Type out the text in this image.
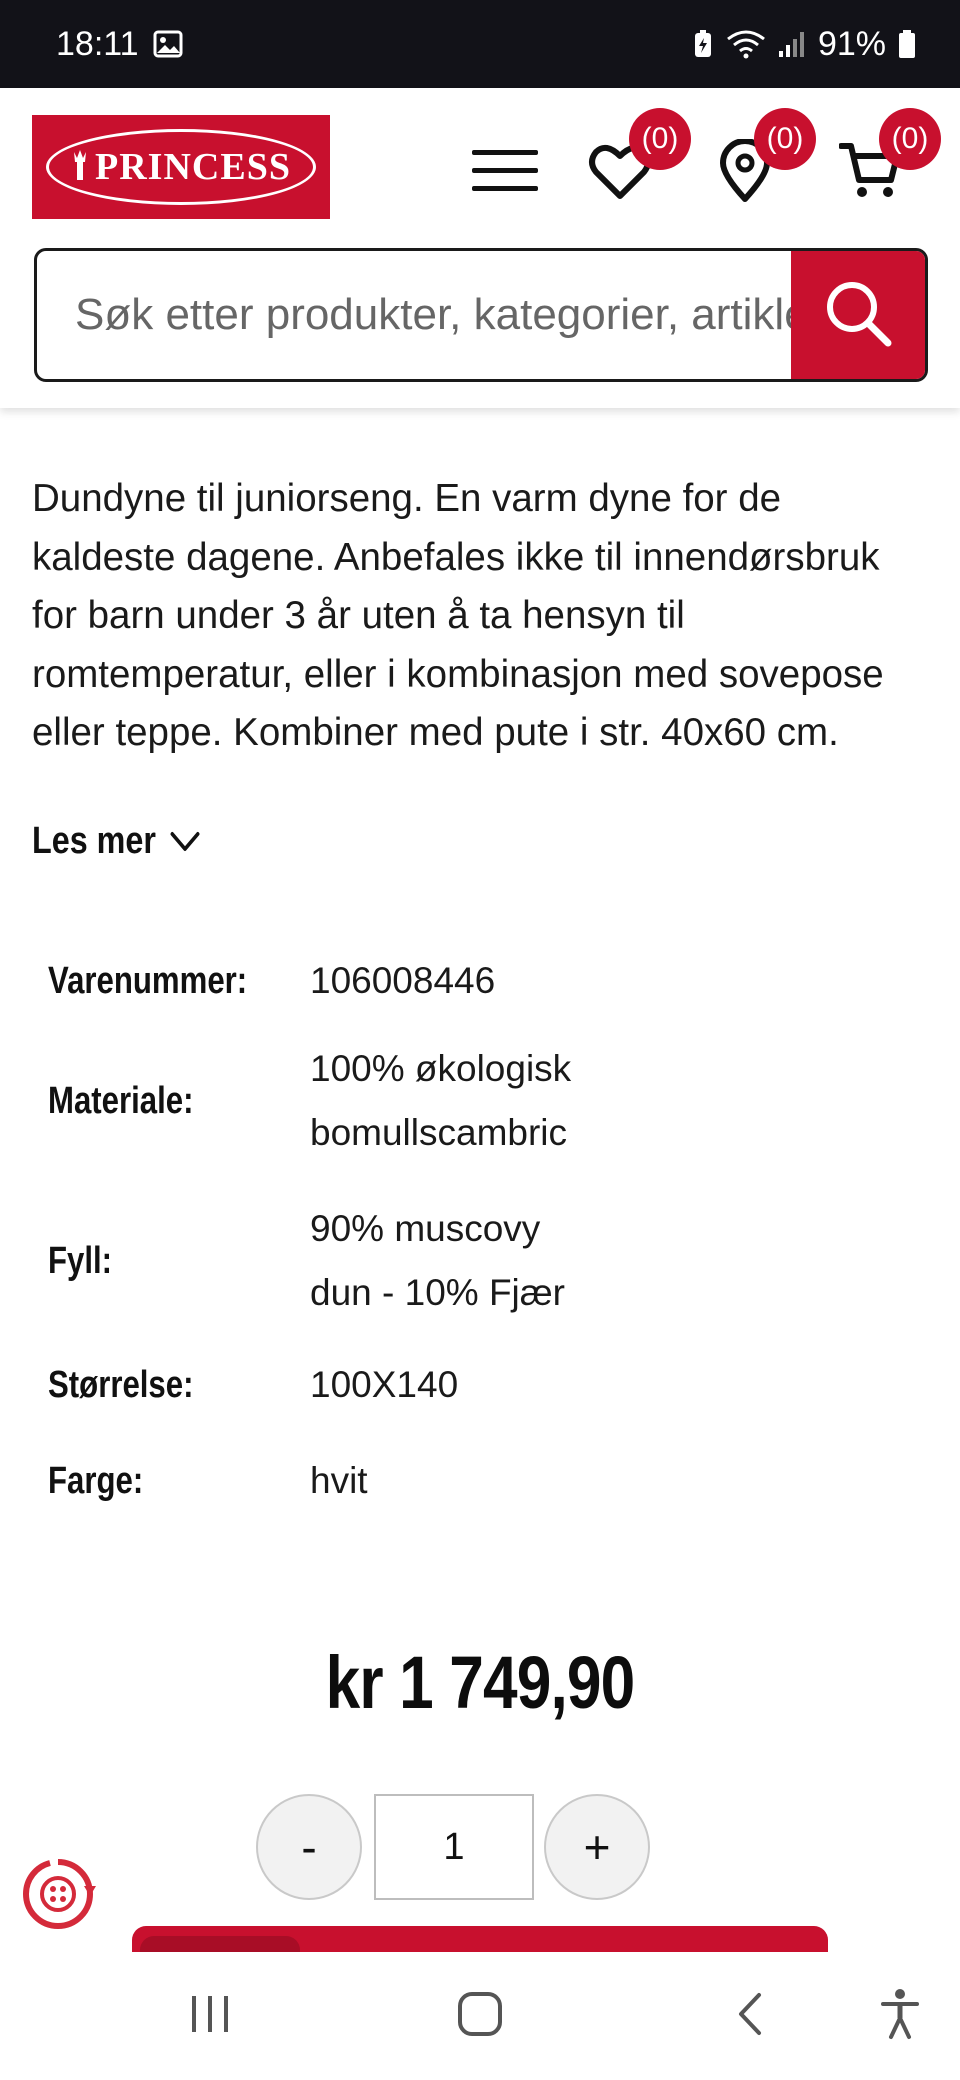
18:11	91%
PRINCESS
(0)	(0)	(0)
Søk etter produkter, kategorier, artikler

Dundyne til juniorseng. En varm dyne for de kaldeste dagene. Anbefales ikke til innendørsbruk for barn under 3 år uten å ta hensyn til romtemperatur, eller i kombinasjon med sovepose eller teppe. Kombiner med pute i str. 40x60 cm.

Les mer
Varenummer:	106008446
Materiale:
100% økologisk bomullscambric
Fyll:
90% muscovy dun - 10% Fjær
Størrelse:	100X140
Farge:	hvit
kr 1 749,90
-	1	+
